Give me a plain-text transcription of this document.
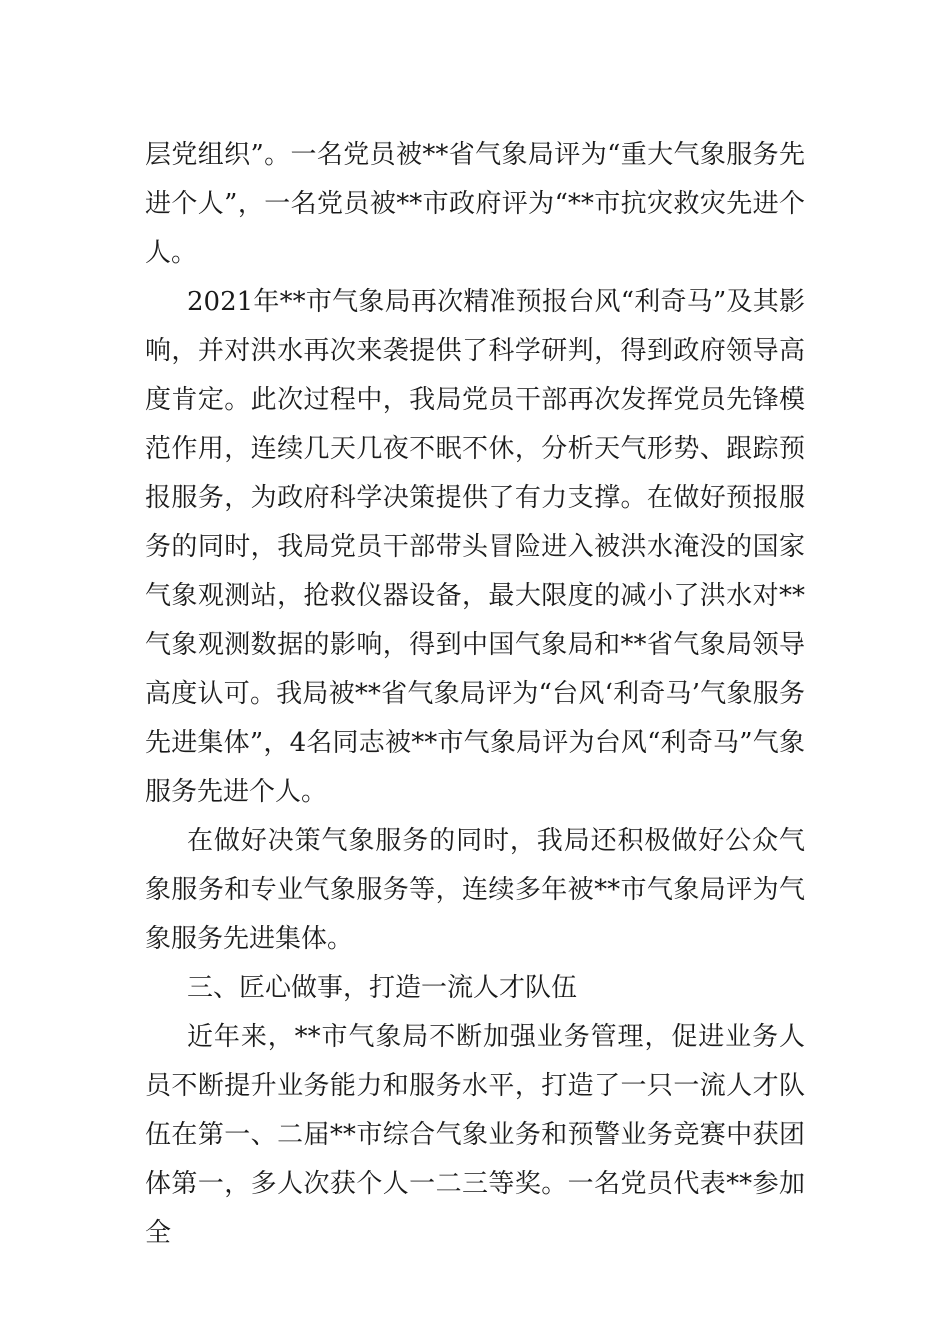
层党组织”。一名党员被**省气象局评为“重大气象服务先进个人”，一名党员被**市政府评为“**市抗灾救灾先进个人。

2021年**市气象局再次精准预报台风“利奇马”及其影响，并对洪水再次来袭提供了科学研判，得到政府领导高度肯定。此次过程中，我局党员干部再次发挥党员先锋模范作用，连续几天几夜不眠不休，分析天气形势、跟踪预报服务，为政府科学决策提供了有力支撑。在做好预报服务的同时，我局党员干部带头冒险进入被洪水淹没的国家气象观测站，抢救仪器设备，最大限度的减小了洪水对**气象观测数据的影响，得到中国气象局和**省气象局领导高度认可。我局被**省气象局评为“台风‘利奇马’气象服务先进集体”，4名同志被**市气象局评为台风“利奇马”气象服务先进个人。

在做好决策气象服务的同时，我局还积极做好公众气象服务和专业气象服务等，连续多年被**市气象局评为气象服务先进集体。

三、匠心做事，打造一流人才队伍

近年来，**市气象局不断加强业务管理，促进业务人员不断提升业务能力和服务水平，打造了一只一流人才队伍在第一、二届**市综合气象业务和预警业务竞赛中获团体第一，多人次获个人一二三等奖。一名党员代表**参加全
